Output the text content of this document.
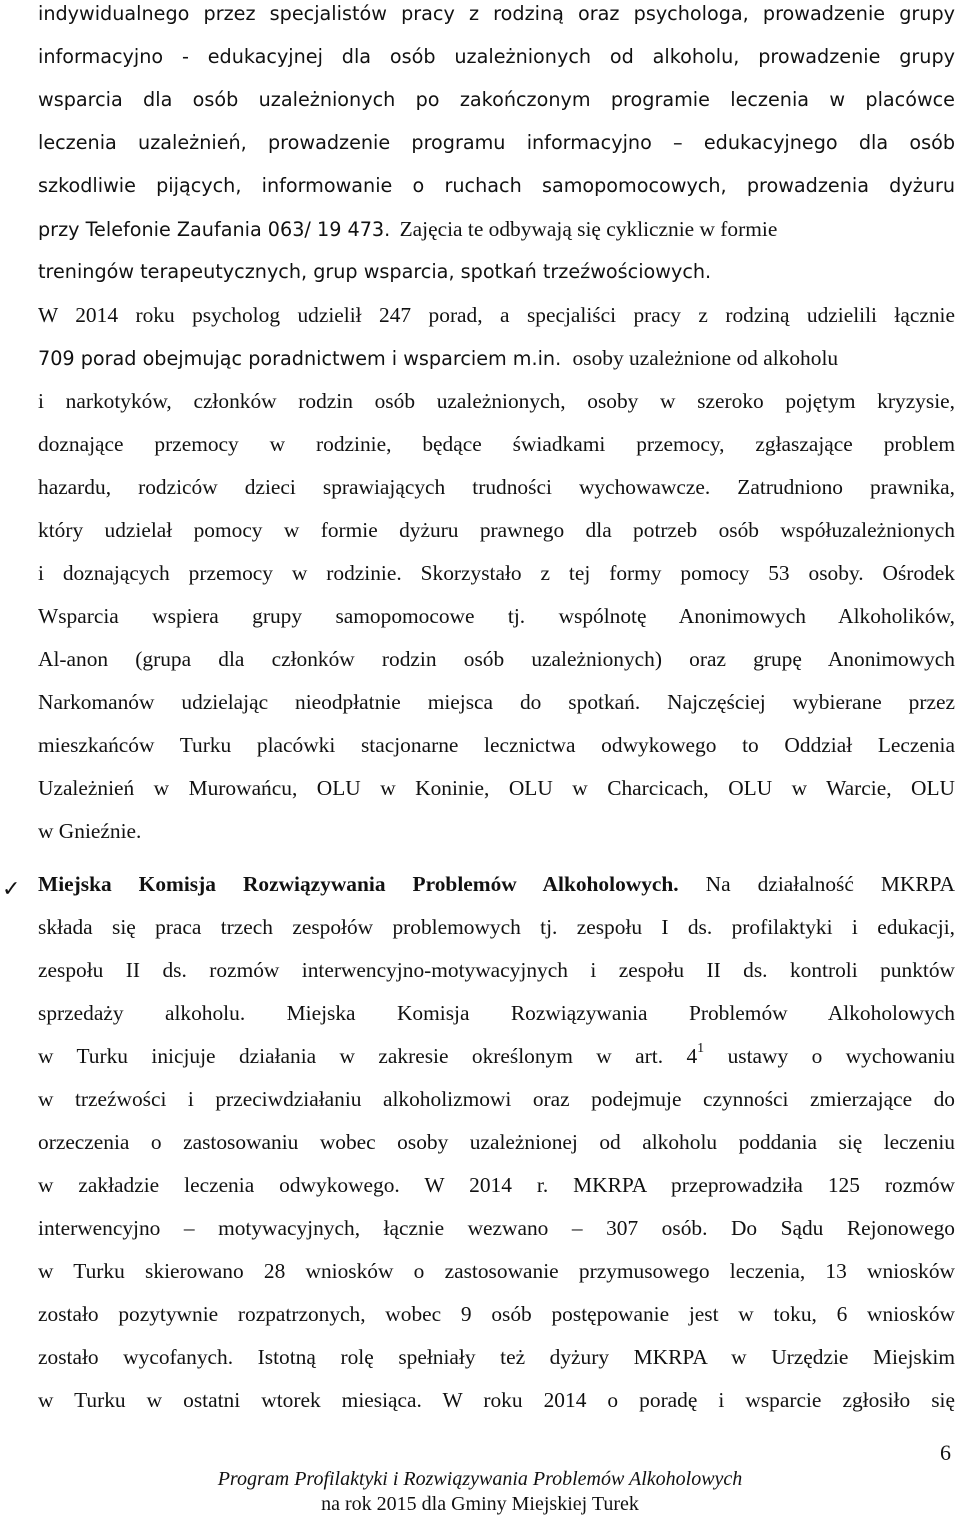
indywidualnego przez specjalistów pracy z rodziną oraz psychologa, prowadzenie grupy
informacyjno - edukacyjnej dla osób uzależnionych od alkoholu, prowadzenie grupy
wsparcia dla osób uzależnionych po zakończonym programie leczenia w placówce
leczenia uzależnień, prowadzenie programu informacyjno – edukacyjnego dla osób
szkodliwie pijących, informowanie o ruchach samopomocowych, prowadzenia dyżuru
przy Telefonie Zaufania 063/ 19 473. Zajęcia te odbywają się cyklicznie w formie
treningów terapeutycznych, grup wsparcia, spotkań trzeźwościowych.
W 2014 roku psycholog udzielił 247 porad, a specjaliści pracy z rodziną udzielili łącznie
709 porad obejmując poradnictwem i wsparciem m.in. osoby uzależnione od alkoholu
i narkotyków, członków rodzin osób uzależnionych, osoby w szeroko pojętym kryzysie,
doznające przemocy w rodzinie, będące świadkami przemocy, zgłaszające problem
hazardu, rodziców dzieci sprawiających trudności wychowawcze. Zatrudniono prawnika,
który udzielał pomocy w formie dyżuru prawnego dla potrzeb osób współuzależnionych
i doznających przemocy w rodzinie. Skorzystało z tej formy pomocy 53 osoby. Ośrodek
Wsparcia wspiera grupy samopomocowe tj. wspólnotę Anonimowych Alkoholików,
Al-anon (grupa dla członków rodzin osób uzależnionych) oraz grupę Anonimowych
Narkomanów udzielając nieodpłatnie miejsca do spotkań. Najczęściej wybierane przez
mieszkańców Turku placówki stacjonarne lecznictwa odwykowego to Oddział Leczenia
Uzależnień w Murowańcu, OLU w Koninie, OLU w Charcicach, OLU w Warcie, OLU
w Gnieźnie.
✓ Miejska Komisja Rozwiązywania Problemów Alkoholowych. Na działalność MKRPA
składa się praca trzech zespołów problemowych tj. zespołu I ds. profilaktyki i edukacji,
zespołu II ds. rozmów interwencyjno-motywacyjnych i zespołu II ds. kontroli punktów
sprzedaży alkoholu. Miejska Komisja Rozwiązywania Problemów Alkoholowych
w Turku inicjuje działania w zakresie określonym w art. $4^1$ ustawy o wychowaniu
w trzeźwości i przeciwdziałaniu alkoholizmowi oraz podejmuje czynności zmierzające do
orzeczenia o zastosowaniu wobec osoby uzależnionej od alkoholu poddania się leczeniu
w zakładzie leczenia odwykowego. W 2014 r. MKRPA przeprowadziła 125 rozmów
interwencyjno – motywacyjnych, łącznie wezwano – 307 osób. Do Sądu Rejonowego
w Turku skierowano 28 wniosków o zastosowanie przymusowego leczenia, 13 wniosków
zostało pozytywnie rozpatrzonych, wobec 9 osób postępowanie jest w toku, 6 wniosków
zostało wycofanych. Istotną rolę spełniały też dyżury MKRPA w Urzędzie Miejskim
w Turku w ostatni wtorek miesiąca. W roku 2014 o poradę i wsparcie zgłosiło się
6
Program Profilaktyki i Rozwiązywania Problemów Alkoholowych
na rok 2015 dla Gminy Miejskiej Turek
